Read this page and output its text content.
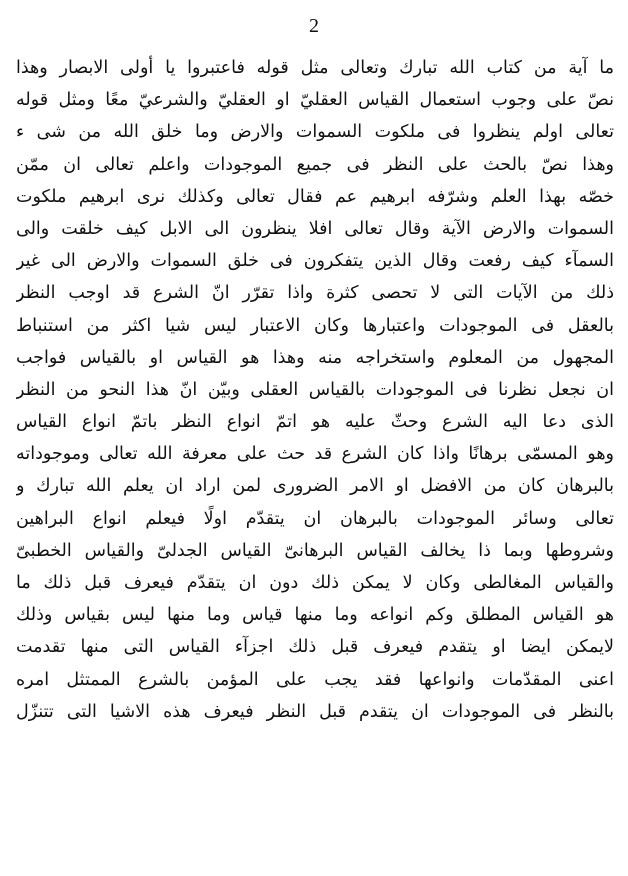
2
ما آية من كتاب الله تبارك وتعالى مثل قوله فاعتبروا يا أولى الابصار وهذا
نصّ على وجوب استعمال القياس العقليّ او العقليّ والشرعيّ معًا ومثل قوله
تعالى اولم ينظروا فى ملكوت السموات والارض وما خلق الله من شى ء
وهذا نصّ بالحث على النظر فى جميع الموجودات واعلم تعالى ان ممّن
خصّه بهذا العلم وشرّفه ابرهيم عم فقال تعالى وكذلك نرى ابرهيم ملكوت
السموات والارض الآية وقال تعالى افلا ينظرون الى الابل كيف خلقت والى
السمآء كيف رفعت وقال الذين يتفكرون فى خلق السموات والارض الى غير
ذلك من الآيات التى لا تحصى كثرة واذا تقرّر انّ الشرع قد اوجب النظر
بالعقل فى الموجودات واعتبارها وكان الاعتبار ليس شيا اكثر من استنباط
المجهول من المعلوم واستخراجه منه وهذا هو القياس او بالقياس فواجب
ان نجعل نظرنا فى الموجودات بالقياس العقلى وبيّن انّ هذا النحو من النظر
الذى دعا اليه الشرع وحثّ عليه هو اتمّ انواع النظر باتمّ انواع القياس
وهو المسمّى برهانًا واذا كان الشرع قد حث على معرفة الله تعالى وموجوداته
بالبرهان كان من الافضل او الامر الضرورى لمن اراد ان يعلم الله تبارك و
تعالى وسائر الموجودات بالبرهان ان يتقدّم اولًا فيعلم انواع البراهين
وشروطها وبما ذا يخالف القياس البرهانىّ القياس الجدلىّ والقياس الخطبىّ
والقياس المغالطى وكان لا يمكن ذلك دون ان يتقدّم فيعرف قبل ذلك ما
هو القياس المطلق وكم انواعه وما منها قياس وما منها ليس بقياس وذلك
لايمكن ايضا او يتقدم فيعرف قبل ذلك اجزآء القياس التى منها تقدمت
اعنى المقدّمات وانواعها فقد يجب على المؤمن بالشرع الممتثل امره
بالنظر فى الموجودات ان يتقدم قبل النظر فيعرف هذه الاشيا التى تتنزّل
